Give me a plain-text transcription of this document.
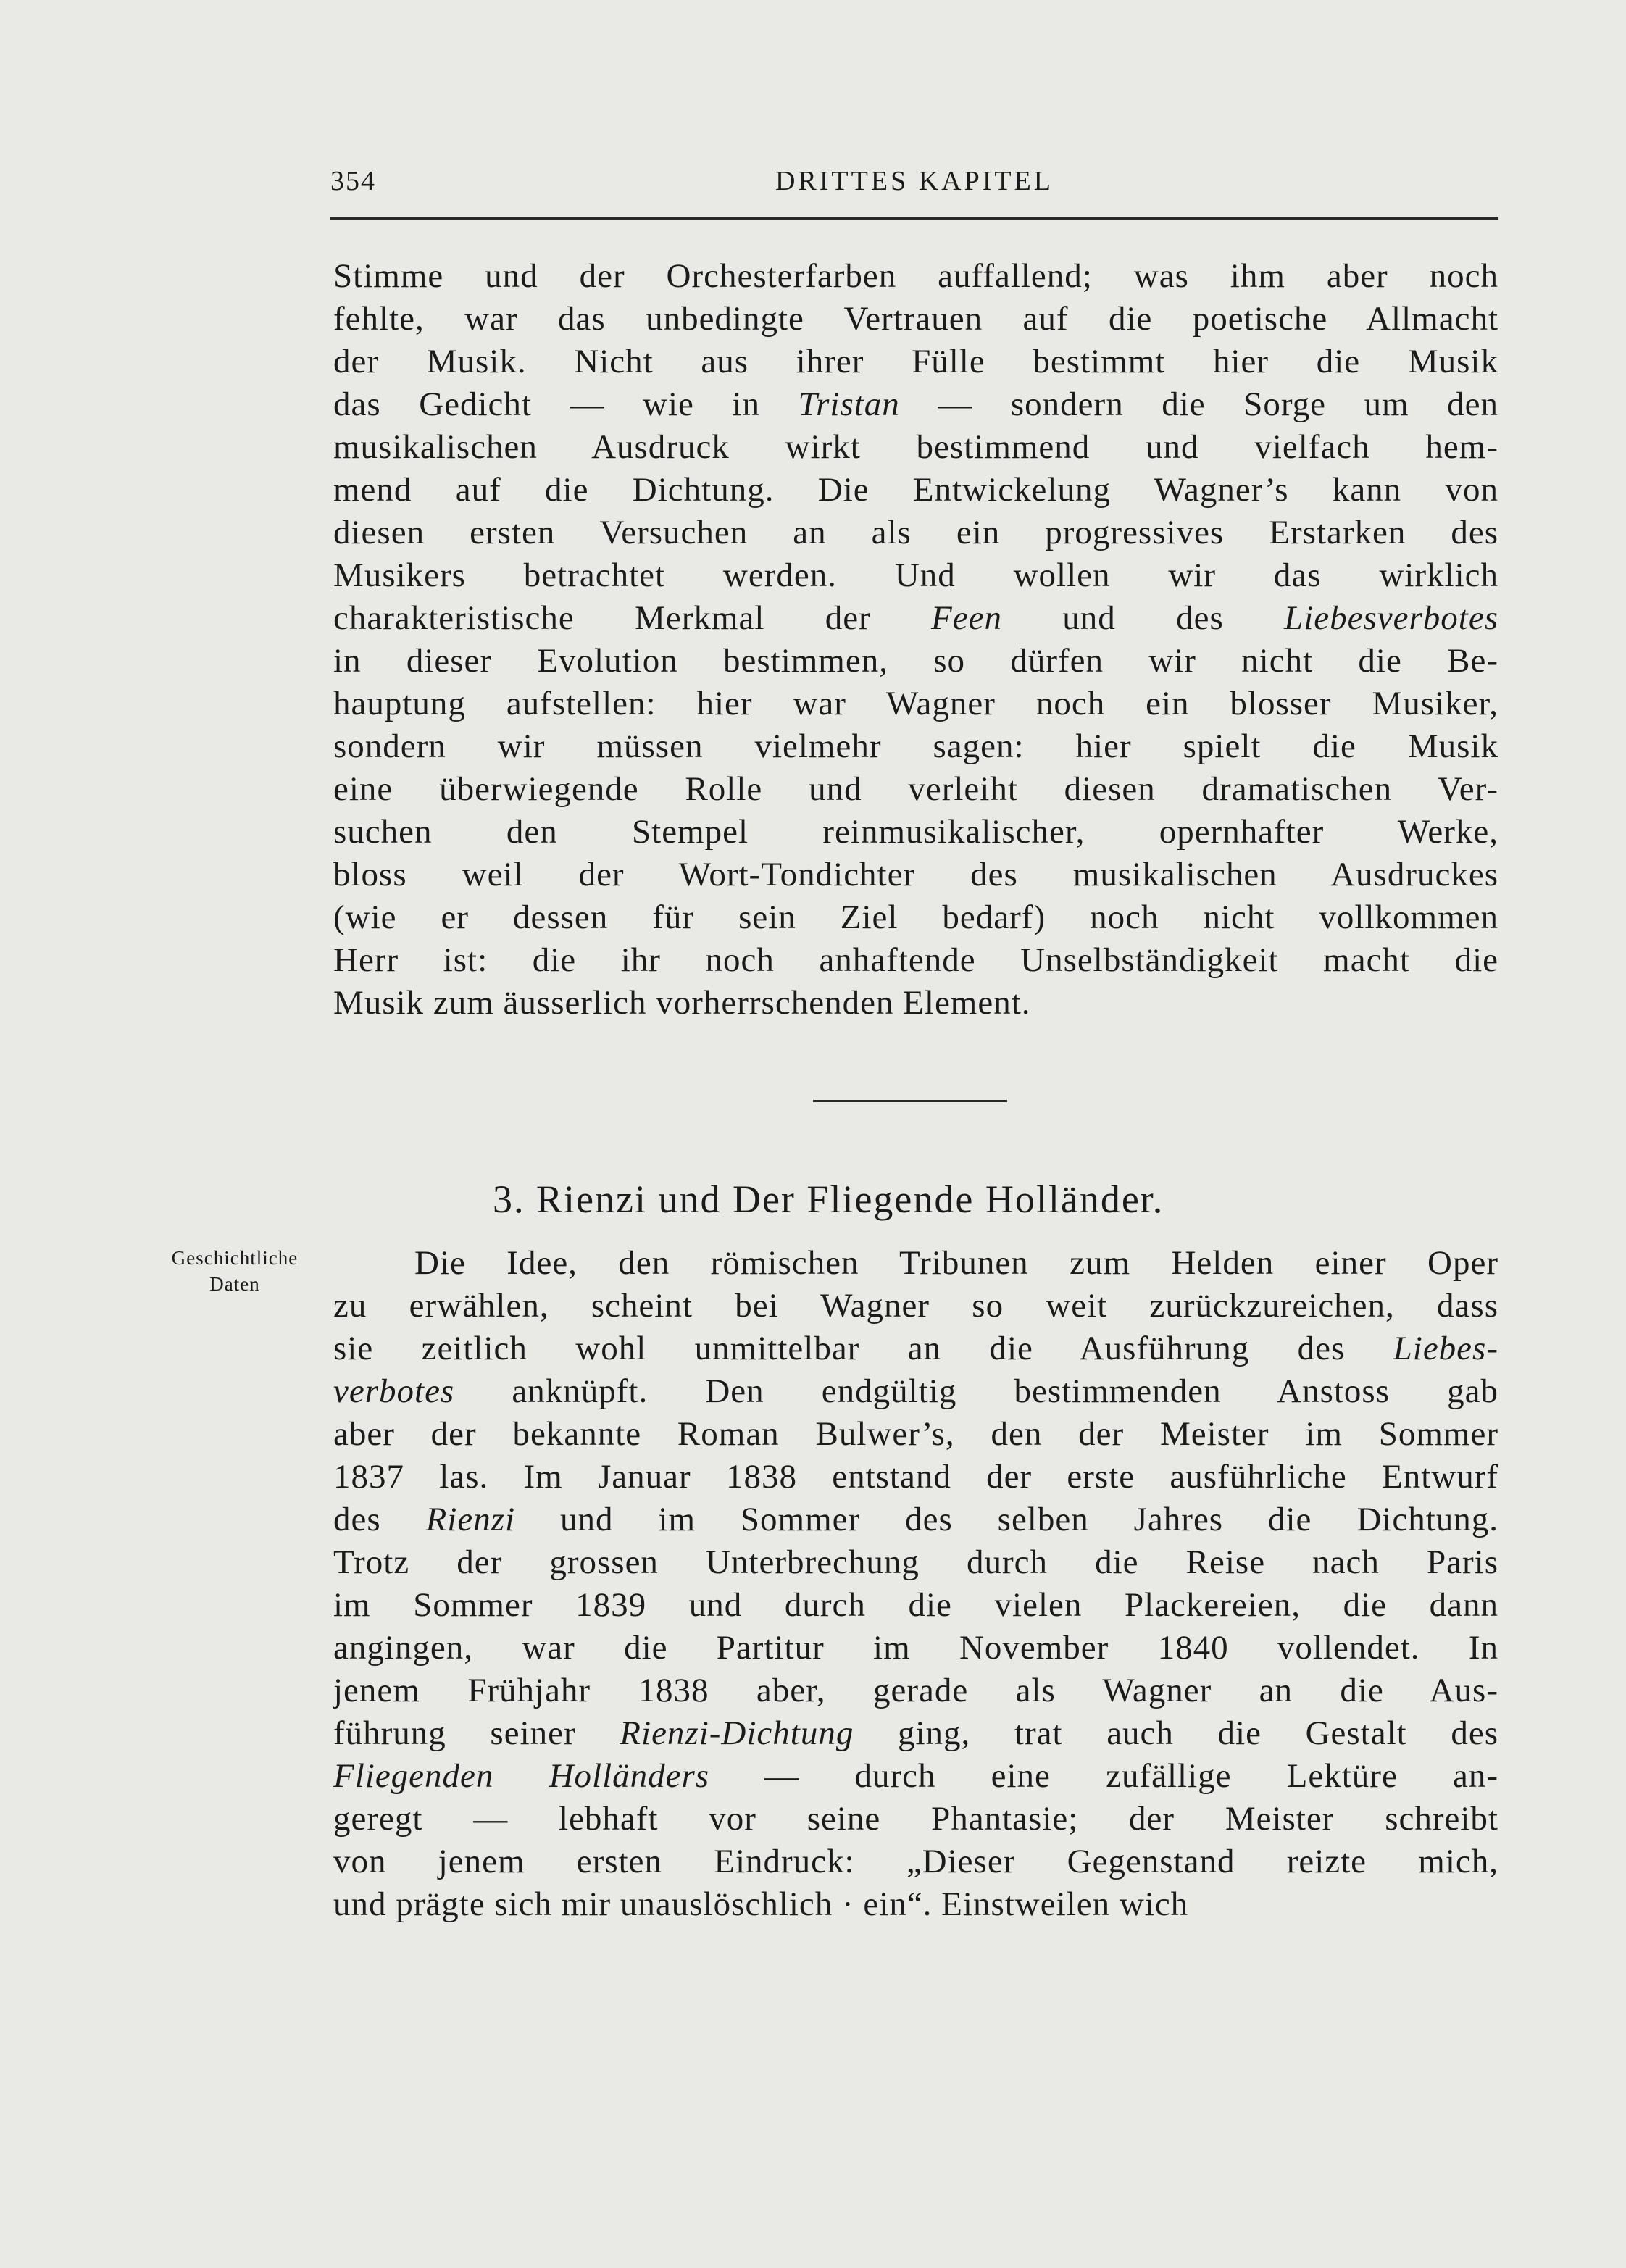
354	DRITTES KAPITEL
Stimme und der Orchesterfarben auffallend; was ihm aber noch
fehlte, war das unbedingte Vertrauen auf die poetische Allmacht
der Musik. Nicht aus ihrer Fülle bestimmt hier die Musik
das Gedicht — wie in Tristan — sondern die Sorge um den
musikalischen Ausdruck wirkt bestimmend und vielfach hem-
mend auf die Dichtung. Die Entwickelung Wagner’s kann von
diesen ersten Versuchen an als ein progressives Erstarken des
Musikers betrachtet werden. Und wollen wir das wirklich
charakteristische Merkmal der Feen und des Liebesverbotes
in dieser Evolution bestimmen, so dürfen wir nicht die Be-
hauptung aufstellen: hier war Wagner noch ein blosser Musiker,
sondern wir müssen vielmehr sagen: hier spielt die Musik
eine überwiegende Rolle und verleiht diesen dramatischen Ver-
suchen den Stempel reinmusikalischer, opernhafter Werke,
bloss weil der Wort-Tondichter des musikalischen Ausdruckes
(wie er dessen für sein Ziel bedarf) noch nicht vollkommen
Herr ist: die ihr noch anhaftende Unselbständigkeit macht die
Musik zum äusserlich vorherrschenden Element.
3. Rienzi und Der Fliegende Holländer.
Geschichtliche
Daten
Die Idee, den römischen Tribunen zum Helden einer Oper
zu erwählen, scheint bei Wagner so weit zurückzureichen, dass
sie zeitlich wohl unmittelbar an die Ausführung des Liebes-
verbotes anknüpft. Den endgültig bestimmenden Anstoss gab
aber der bekannte Roman Bulwer’s, den der Meister im Sommer
1837 las. Im Januar 1838 entstand der erste ausführliche Entwurf
des Rienzi und im Sommer des selben Jahres die Dichtung.
Trotz der grossen Unterbrechung durch die Reise nach Paris
im Sommer 1839 und durch die vielen Plackereien, die dann
angingen, war die Partitur im November 1840 vollendet. In
jenem Frühjahr 1838 aber, gerade als Wagner an die Aus-
führung seiner Rienzi-Dichtung ging, trat auch die Gestalt des
Fliegenden Holländers — durch eine zufällige Lektüre an-
geregt — lebhaft vor seine Phantasie; der Meister schreibt
von jenem ersten Eindruck: „Dieser Gegenstand reizte mich,
und prägte sich mir unauslöschlich · ein“. Einstweilen wich
